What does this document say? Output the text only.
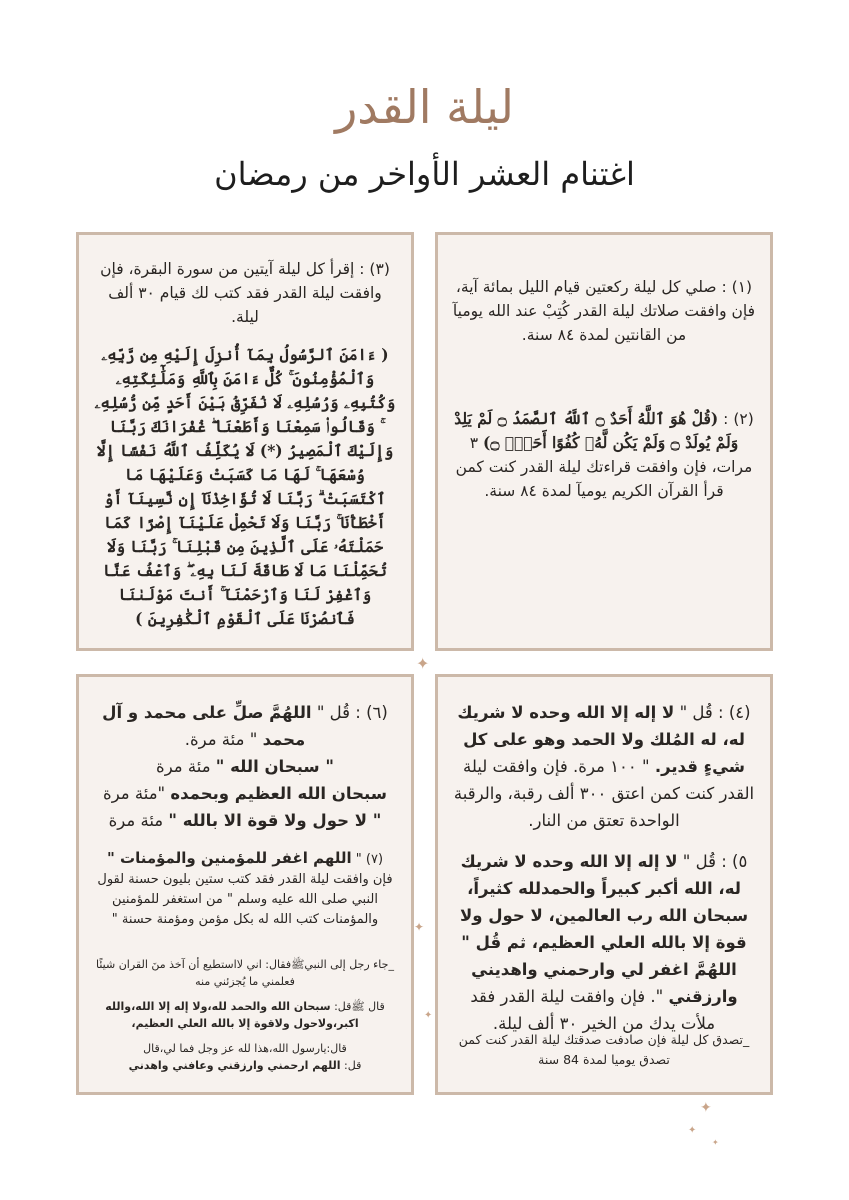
ليلة القدر
اغتنام العشر الأواخر من رمضان

(١) : صلي كل ليلة ركعتين قيام الليل بمائة آية، فإن وافقت صلاتك ليلة القدر كُتِبْ عند الله يوميآ من القانتين لمدة ٨٤ سنة.

(٢) : (قُلْ هُوَ ٱللَّهُ أَحَدٌ ۝ ٱللَّهُ ٱلصَّمَدُ ۝ لَمْ يَلِدْ وَلَمْ يُولَدْ ۝ وَلَمْ يَكُن لَّهُۥ كُفُوًا أَحَدٌۢ ۝) ٣ مرات، فإن وافقت قراءتك ليلة القدر كنت كمن قرأ القرآن الكريم يوميآ لمدة ٨٤ سنة.

(٣) : إقرأ كل ليلة آيتين من سورة البقرة، فإن وافقت ليلة القدر فقد كتب لك قيام ٣٠ ألف ليلة.

( ءَامَنَ ٱلرَّسُولُ بِمَآ أُنزِلَ إِلَيْهِ مِن رَّبِّهِۦ وَٱلْمُؤْمِنُونَ ۚ كُلٌّ ءَامَنَ بِٱللَّهِ وَمَلَٰٓئِكَتِهِۦ وَكُتُبِهِۦ وَرُسُلِهِۦ لَا نُفَرِّقُ بَيْنَ أَحَدٍ مِّن رُّسُلِهِۦ ۚ وَقَالُوا۟ سَمِعْنَا وَأَطَعْنَا ۖ غُفْرَانَكَ رَبَّنَا وَإِلَيْكَ ٱلْمَصِيرُ (*) لَا يُكَلِّفُ ٱللَّهُ نَفْسًا إِلَّا وُسْعَهَا ۚ لَهَا مَا كَسَبَتْ وَعَلَيْهَا مَا ٱكْتَسَبَتْ ۗ رَبَّنَا لَا تُؤَاخِذْنَآ إِن نَّسِينَآ أَوْ أَخْطَأْنَا ۚ رَبَّنَا وَلَا تَحْمِلْ عَلَيْنَآ إِصْرًا كَمَا حَمَلْتَهُۥ عَلَى ٱلَّذِينَ مِن قَبْلِنَا ۚ رَبَّنَا وَلَا تُحَمِّلْنَا مَا لَا طَاقَةَ لَنَا بِهِۦ ۖ وَٱعْفُ عَنَّا وَٱغْفِرْ لَنَا وَٱرْحَمْنَآ ۚ أَنتَ مَوْلَىٰنَا فَٱنصُرْنَا عَلَى ٱلْقَوْمِ ٱلْكَٰفِرِينَ )

(٤) : قُل " لا إله إلا الله وحده لا شريك له، له المُلك ولا الحمد وهو على كل شيءٍ قدير. " ١٠٠ مرة. فإن وافقت ليلة القدر كنت كمن اعتق ٣٠٠ ألف رقبة، والرقبة الواحدة تعتق من النار.

٥) : قُل " لا إله إلا الله وحده لا شريك له، الله أكبر كبيراً والحمدلله كثيراً، سبحان الله رب العالمين، لا حول ولا قوة إلا بالله العلي العظيم، ثم قُل " اللهُمَّ اغفر لي وارحمني واهديني وارزقني ". فإن وافقت ليلة القدر فقد ملأت يدك من الخير ٣٠ ألف ليلة.

_تصدق كل ليلة فإن صادفت صدقتك ليلة القدر كنت كمن تصدق يوميا لمدة 84 سنة

(٦) : قُل " اللهُمَّ صلِّ على محمد و آل محمد " مئة مرة.
" سبحان الله " مئة مرة
سبحان الله العظيم وبحمده "مئة مرة
" لا حول ولا قوة الا بالله " مئة مرة

(٧) " اللهم اغفر للمؤمنين والمؤمنات "
فإن وافقت ليلة القدر فقد كتب ستين بليون حسنة لقول النبي صلى الله عليه وسلم " من استغفر للمؤمنين والمؤمنات كتب الله له بكل مؤمن ومؤمنة حسنة "

_جاء رجل إلى النبيﷺفقال: اني لااستطيع أن آخذ منَ القران شيئًا فعلمني ما يُجزئني منه

قال ﷺقل: سبحان الله والحمد لله،ولا إله إلا الله،والله اكبر،ولاحول ولاقوة إلا بالله العلي العظيم،

قال:يارسول الله،هذا لله عز وجل فما لي،قال

قل: اللهم ارحمني وارزقني وعافني واهدني

✦
✦
✦
✦
✦
✦
